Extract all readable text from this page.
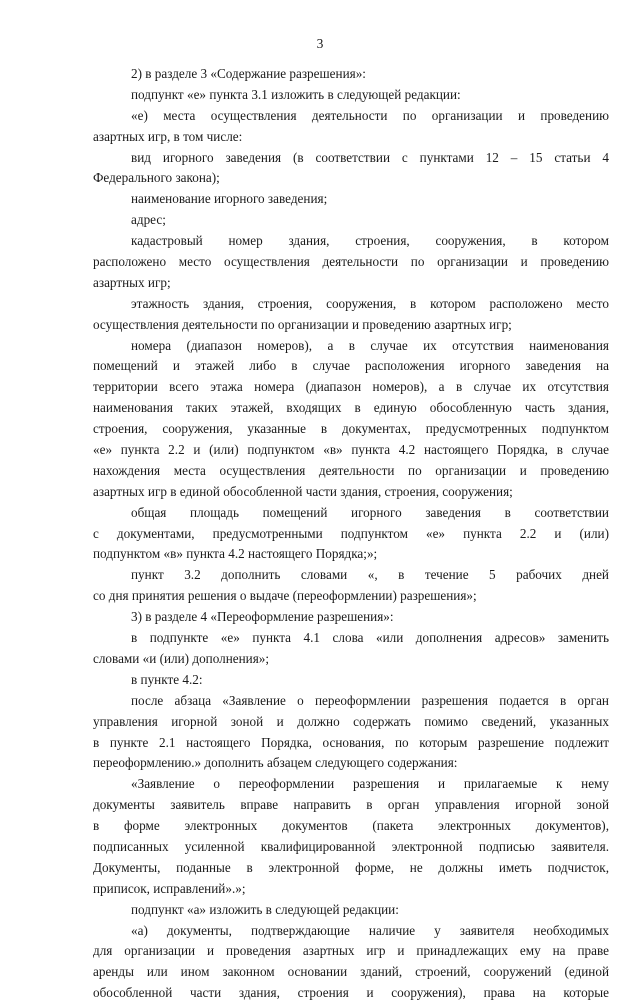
3
2) в разделе 3 «Содержание разрешения»:
подпункт «е» пункта 3.1 изложить в следующей редакции:
«е) места осуществления деятельности по организации и проведению
азартных игр, в том числе:
вид игорного заведения (в соответствии с пунктами 12 – 15 статьи 4
Федерального закона);
наименование игорного заведения;
адрес;
кадастровый номер здания, строения, сооружения, в котором
расположено место осуществления деятельности по организации и проведению
азартных игр;
этажность здания, строения, сооружения, в котором расположено место
осуществления деятельности по организации и проведению азартных игр;
номера (диапазон номеров), а в случае их отсутствия наименования
помещений и этажей либо в случае расположения игорного заведения на
территории всего этажа номера (диапазон номеров), а в случае их отсутствия
наименования таких этажей, входящих в единую обособленную часть здания,
строения, сооружения, указанные в документах, предусмотренных подпунктом
«е» пункта 2.2 и (или) подпунктом «в» пункта 4.2 настоящего Порядка, в случае
нахождения места осуществления деятельности по организации и проведению
азартных игр в единой обособленной части здания, строения, сооружения;
общая площадь помещений игорного заведения в соответствии
с документами, предусмотренными подпунктом «е» пункта 2.2 и (или)
подпунктом «в» пункта 4.2 настоящего Порядка;»;
пункт 3.2 дополнить словами «, в течение 5 рабочих дней
со дня принятия решения о выдаче (переоформлении) разрешения»;
3) в разделе 4 «Переоформление разрешения»:
в подпункте «е» пункта 4.1 слова «или дополнения адресов» заменить
словами «и (или) дополнения»;
в пункте 4.2:
после абзаца «Заявление о переоформлении разрешения подается в орган
управления игорной зоной и должно содержать помимо сведений, указанных
в пункте 2.1 настоящего Порядка, основания, по которым разрешение подлежит
переоформлению.» дополнить абзацем следующего содержания:
«Заявление о переоформлении разрешения и прилагаемые к нему
документы заявитель вправе направить в орган управления игорной зоной
в форме электронных документов (пакета электронных документов),
подписанных усиленной квалифицированной электронной подписью заявителя.
Документы, поданные в электронной форме, не должны иметь подчисток,
приписок, исправлений».»;
подпункт «а» изложить в следующей редакции:
«а) документы, подтверждающие наличие у заявителя необходимых
для организации и проведения азартных игр и принадлежащих ему на праве
аренды или ином законном основании зданий, строений, сооружений (единой
обособленной части здания, строения и сооружения), права на которые
